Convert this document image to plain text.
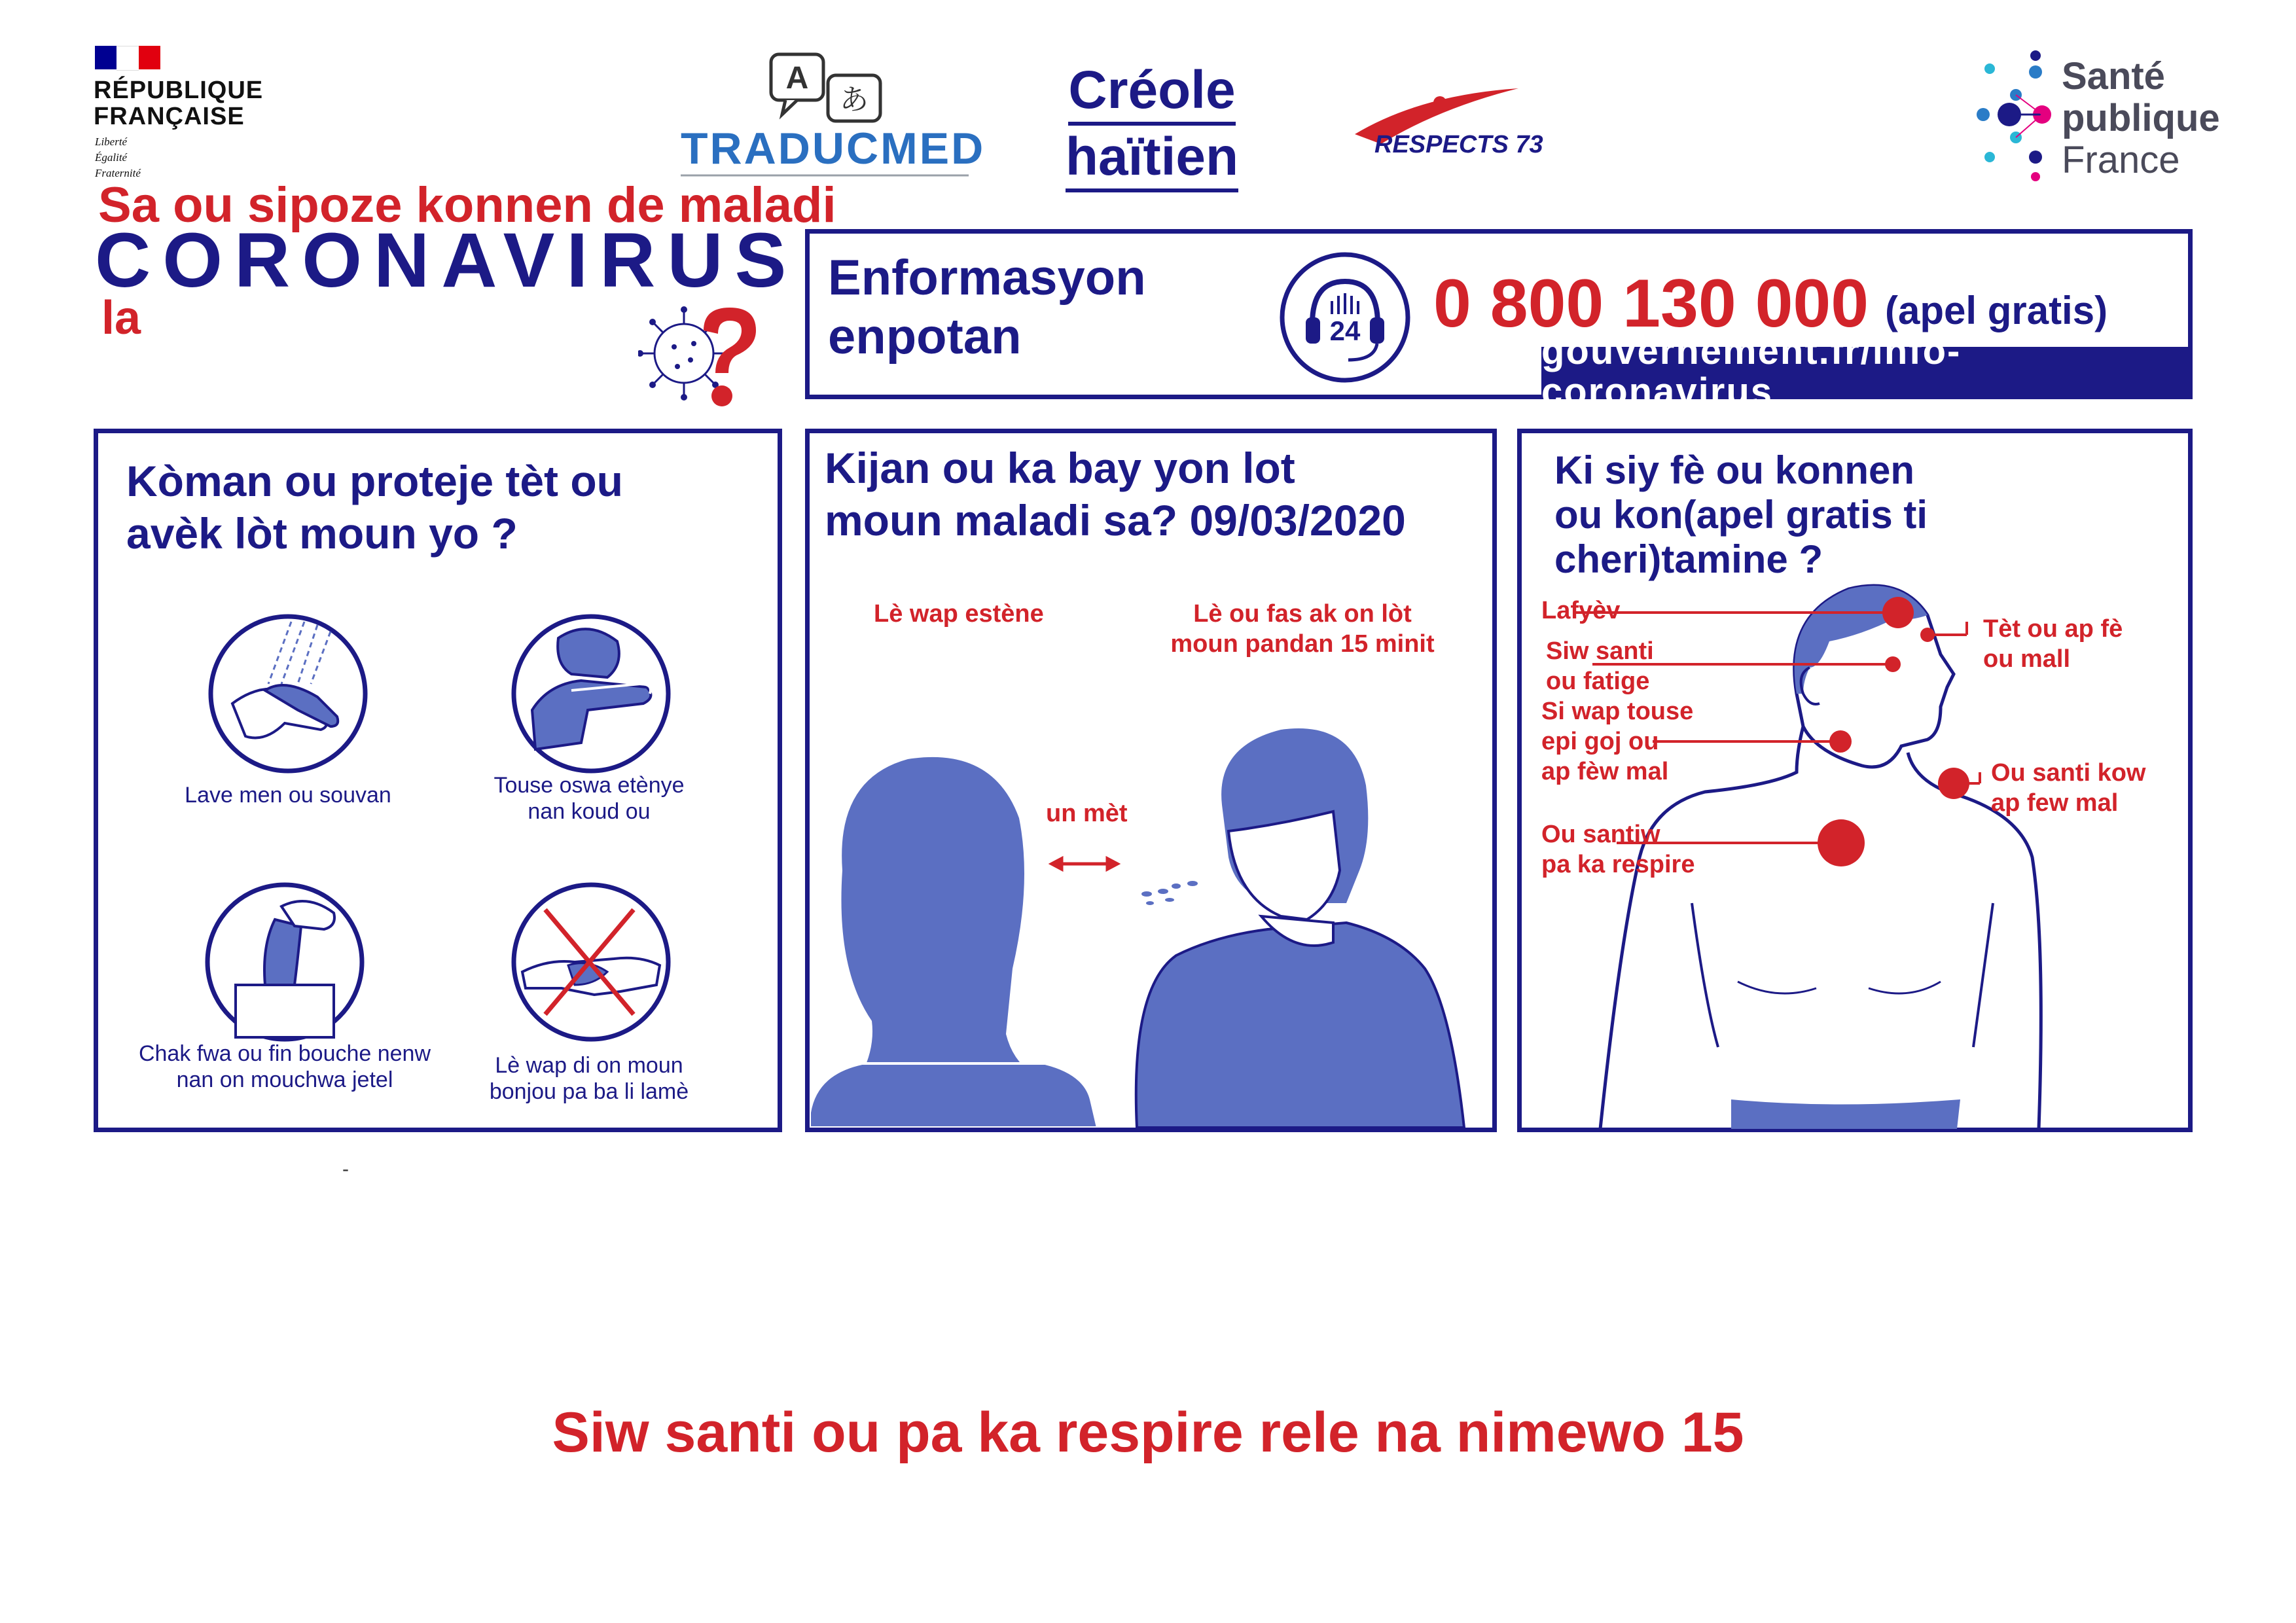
RÉPUBLIQUE
FRANÇAISE
Liberté
Égalité
Fraternité
A
あ
TRADUCMED
Créole
haïtien	RESPECTS 73
Santé
publique
France
Sa ou sipoze konnen de maladi
CORONAVIRUS
la
Enformasyon
enpotan	24 0 800 130 000 (apel gratis)
gouvernement.fr/info-coronavirus
Kòman ou proteje tèt ou
avèk lòt moun yo ?
Lave men ou souvan	Touse oswa etènye
nan koud ou
Chak fwa ou fin bouche nenw
nan on mouchwa jetel
Lè wap di on moun
bonjou pa ba li lamè
Kijan ou ka bay yon lot
moun maladi sa? 09/03/2020
Lè wap estène	Lè ou fas ak on lòt
moun pandan 15 minit
un mèt
Ki siy fè ou konnen
ou kon(apel gratis ti
cheri)tamine ?
Lafyèv
Siw santi
ou fatige
Si wap touse
epi goj ou
ap fèw mal
Ou santiw
pa ka respire
Tèt ou ap fè
ou mall
Ou santi kow
ap few mal
-
Siw santi ou pa ka respire rele na nimewo 15
